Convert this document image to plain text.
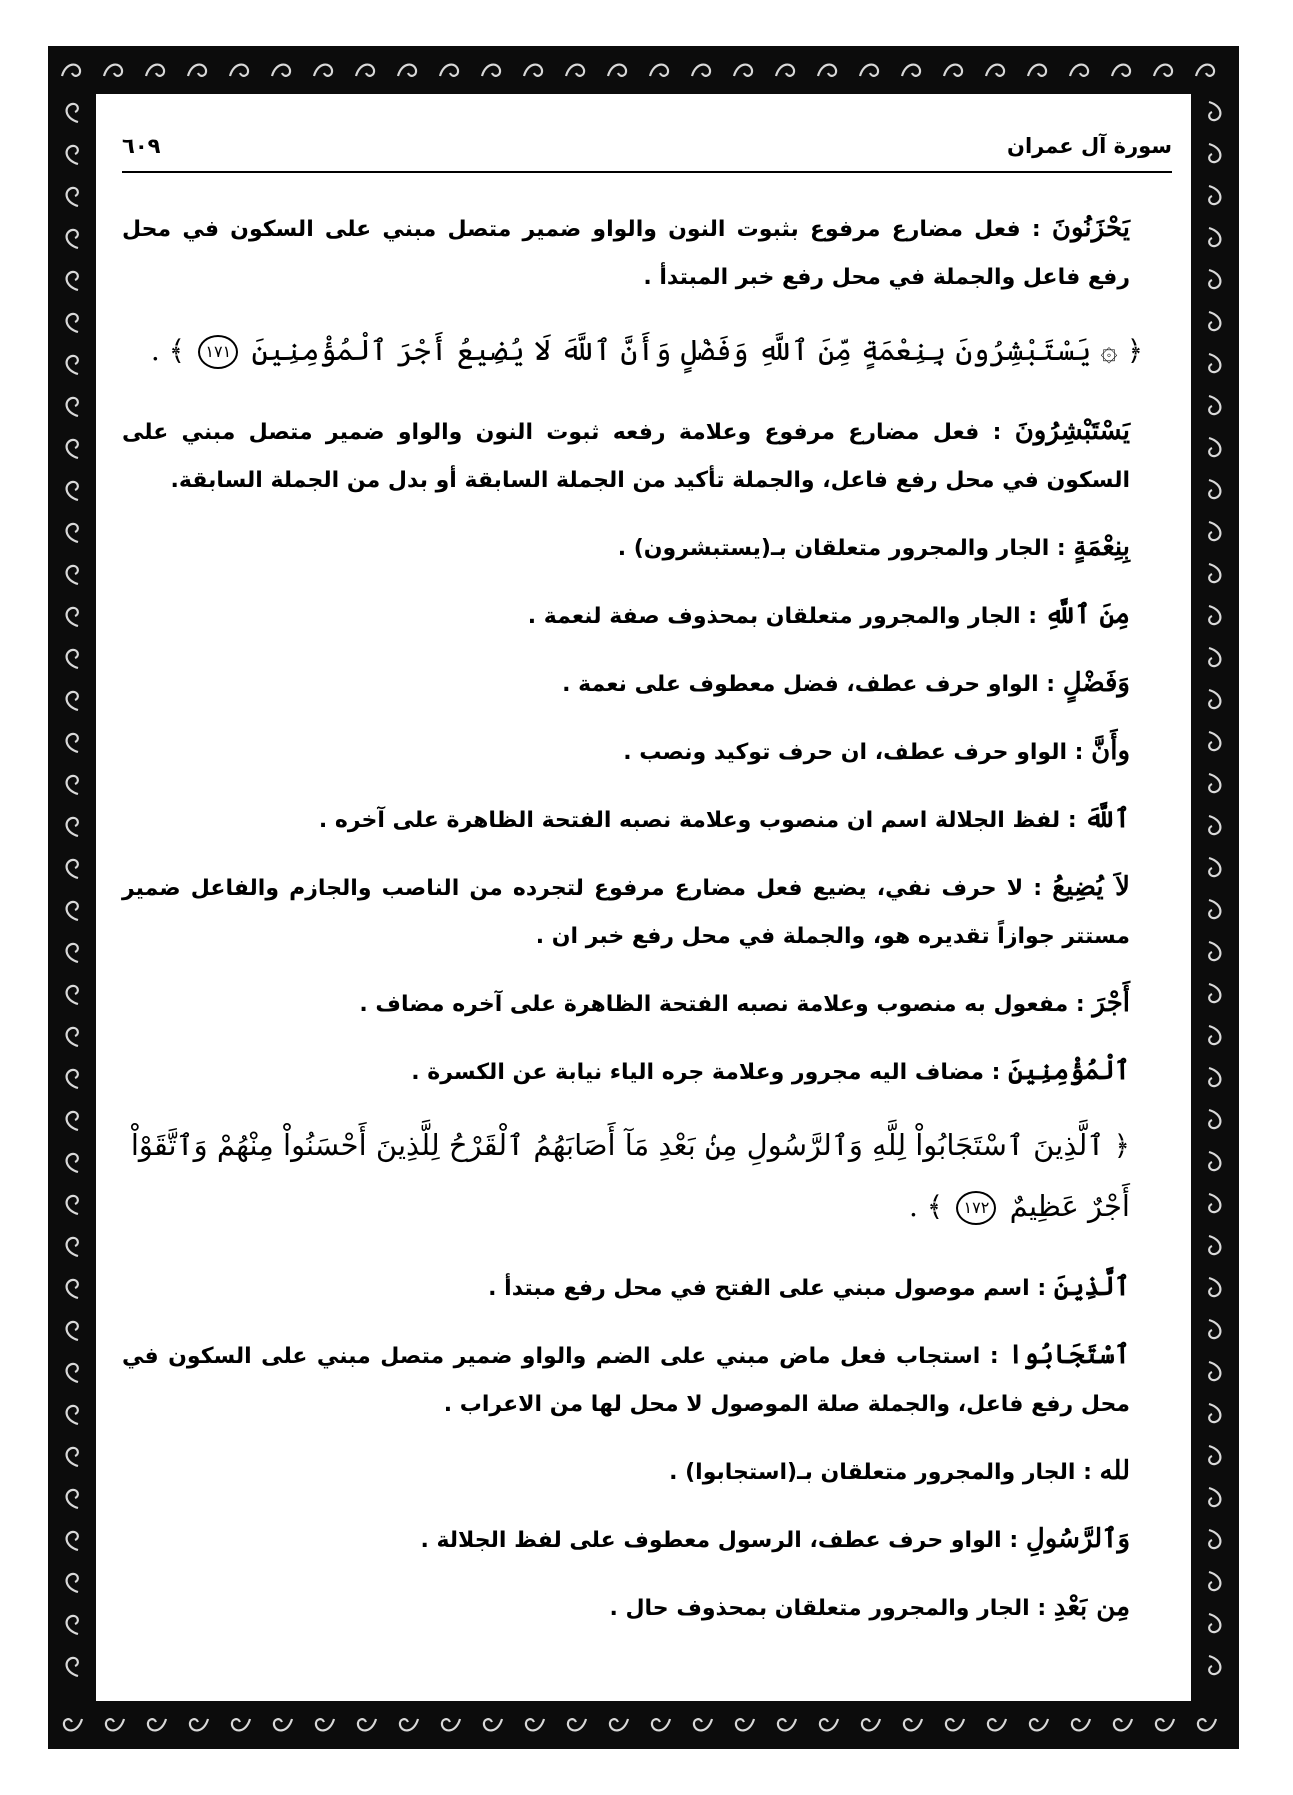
سورة آل عمران
٦٠٩

يَحْزَنُونَ : فعل مضارع مرفوع بثبوت النون والواو ضمير متصل مبني على السكون في محل رفع فاعل والجملة في محل رفع خبر المبتدأ .

﴿ ۞ يَسْتَبْشِرُونَ بِنِعْمَةٍ مِّنَ ٱللَّهِ وَفَضْلٍ وَأَنَّ ٱللَّهَ لَا يُضِيعُ أَجْرَ ٱلْمُؤْمِنِينَ ١٧١ ﴾ .

يَسْتَبْشِرُونَ : فعل مضارع مرفوع وعلامة رفعه ثبوت النون والواو ضمير متصل مبني على السكون في محل رفع فاعل، والجملة تأكيد من الجملة السابقة أو بدل من الجملة السابقة.

بِنِعْمَةٍ : الجار والمجرور متعلقان بـ(يستبشرون) .

مِنَ ٱللَّهِ : الجار والمجرور متعلقان بمحذوف صفة لنعمة .

وَفَضْلٍ : الواو حرف عطف، فضل معطوف على نعمة .

وأَنَّ : الواو حرف عطف، ان حرف توكيد ونصب .

ٱللَّهَ : لفظ الجلالة اسم ان منصوب وعلامة نصبه الفتحة الظاهرة على آخره .

لاَ يُضِيعُ : لا حرف نفي، يضيع فعل مضارع مرفوع لتجرده من الناصب والجازم والفاعل ضمير مستتر جوازاً تقديره هو، والجملة في محل رفع خبر ان .

أَجْرَ : مفعول به منصوب وعلامة نصبه الفتحة الظاهرة على آخره مضاف .

ٱلْمُؤْمِنِينَ : مضاف اليه مجرور وعلامة جره الياء نيابة عن الكسرة .

﴿ ٱلَّذِينَ ٱسْتَجَابُواْ لِلَّهِ وَٱلرَّسُولِ مِنۢ بَعْدِ مَآ أَصَابَهُمُ ٱلْقَرْحُ لِلَّذِينَ أَحْسَنُواْ مِنْهُمْ وَٱتَّقَوْاْ أَجْرٌ عَظِيمٌ ١٧٢ ﴾ .

ٱلَّذِينَ : اسم موصول مبني على الفتح في محل رفع مبتدأ .

ٱسْتَجَابُوا : استجاب فعل ماض مبني على الضم والواو ضمير متصل مبني على السكون في محل رفع فاعل، والجملة صلة الموصول لا محل لها من الاعراب .

لله : الجار والمجرور متعلقان بـ(استجابوا) .

وَٱلرَّسُولِ : الواو حرف عطف، الرسول معطوف على لفظ الجلالة .

مِن بَعْدِ : الجار والمجرور متعلقان بمحذوف حال .
